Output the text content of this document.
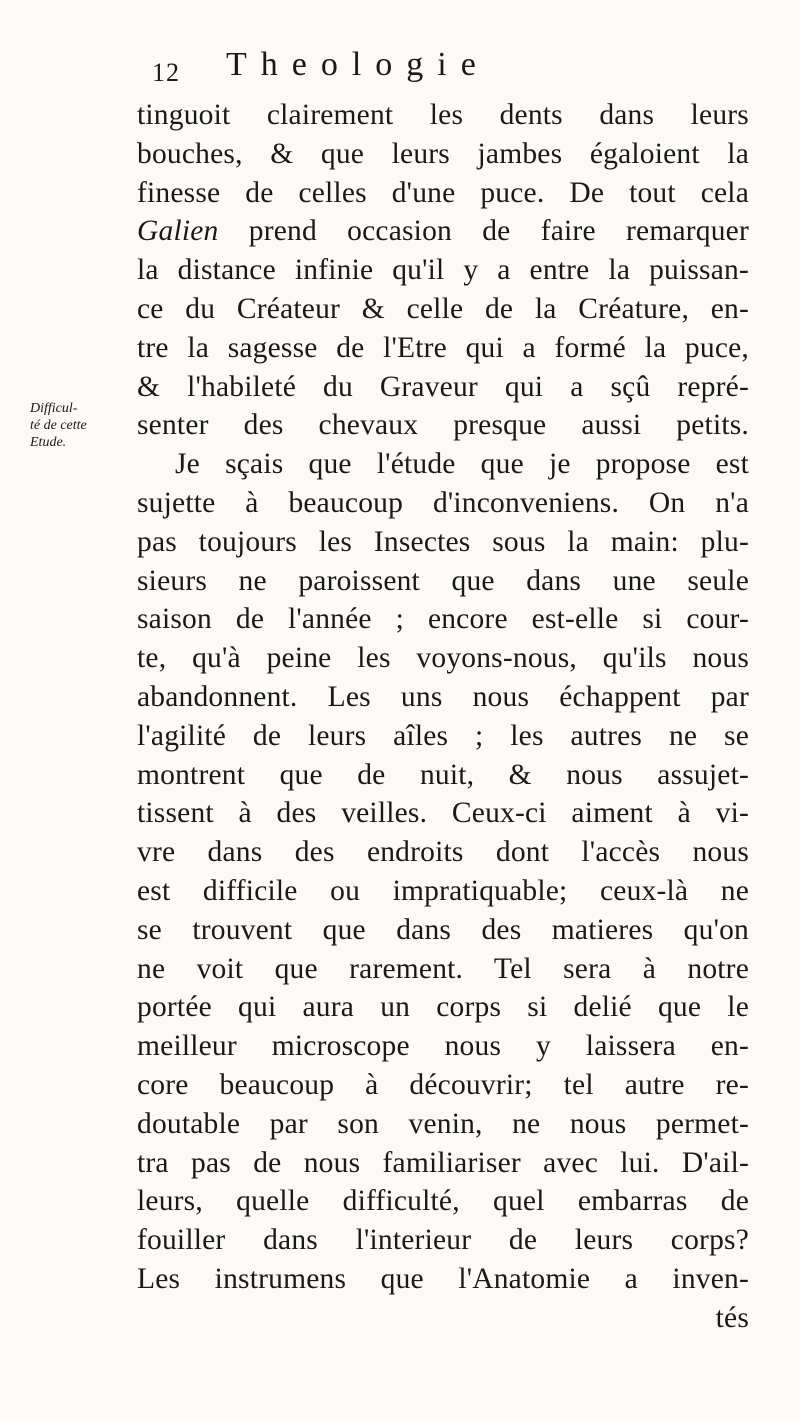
12 Theologie
Difficul-
té de cette
Etude.
tinguoit clairement les dents dans leurs
bouches, & que leurs jambes égaloient la
finesse de celles d'une puce. De tout cela
Galien prend occasion de faire remarquer
la distance infinie qu'il y a entre la puissan-
ce du Créateur & celle de la Créature, en-
tre la sagesse de l'Etre qui a formé la puce,
& l'habileté du Graveur qui a sçû repré-
senter des chevaux presque aussi petits.
Je sçais que l'étude que je propose est
sujette à beaucoup d'inconveniens. On n'a
pas toujours les Insectes sous la main: plu-
sieurs ne paroissent que dans une seule
saison de l'année ; encore est-elle si cour-
te, qu'à peine les voyons-nous, qu'ils nous
abandonnent. Les uns nous échappent par
l'agilité de leurs aîles ; les autres ne se
montrent que de nuit, & nous assujet-
tissent à des veilles. Ceux-ci aiment à vi-
vre dans des endroits dont l'accès nous
est difficile ou impratiquable; ceux-là ne
se trouvent que dans des matieres qu'on
ne voit que rarement. Tel sera à notre
portée qui aura un corps si delié que le
meilleur microscope nous y laissera en-
core beaucoup à découvrir; tel autre re-
doutable par son venin, ne nous permet-
tra pas de nous familiariser avec lui. D'ail-
leurs, quelle difficulté, quel embarras de
fouiller dans l'interieur de leurs corps?
Les instrumens que l'Anatomie a inven-
tés
